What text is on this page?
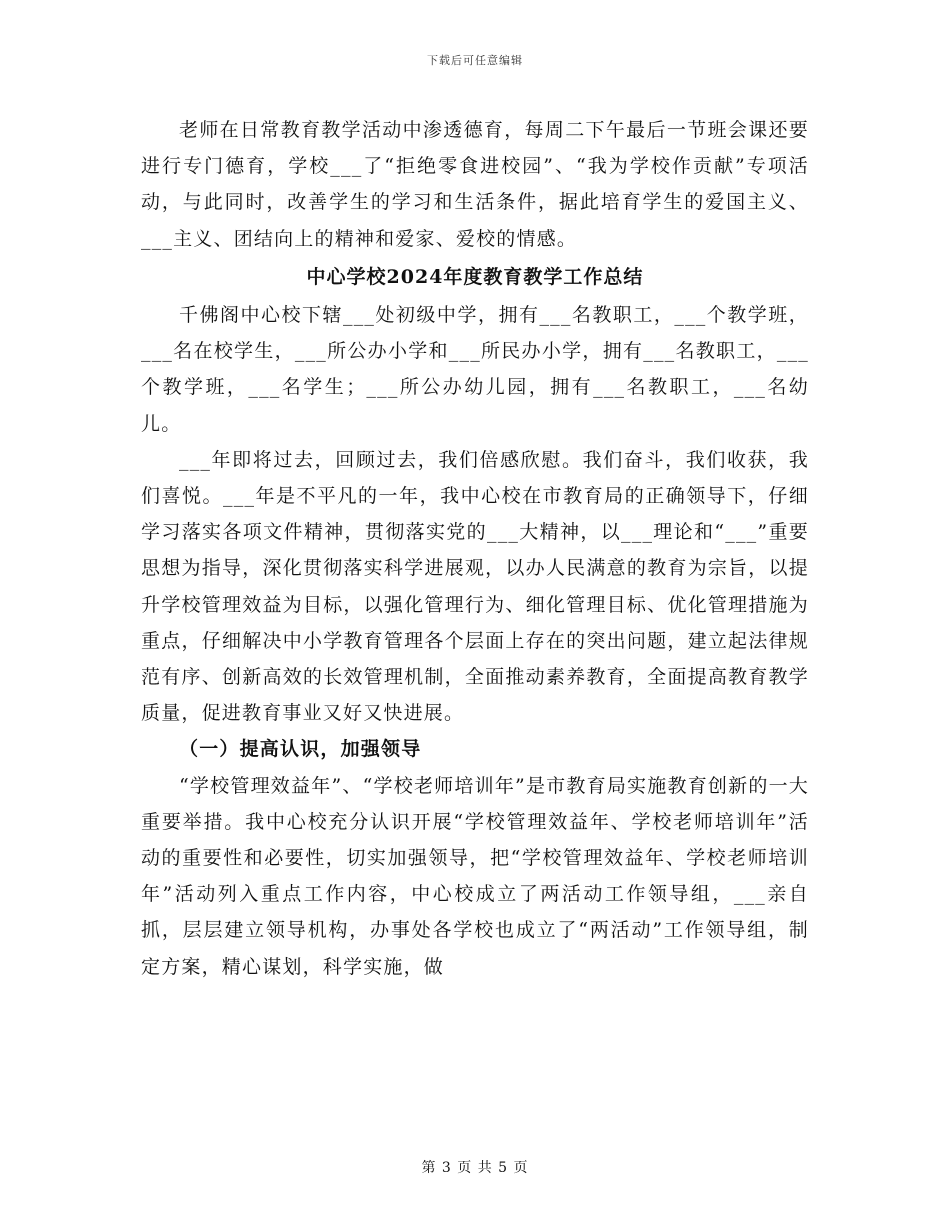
下载后可任意编辑

老师在日常教育教学活动中渗透德育，每周二下午最后一节班会课还要进行专门德育，学校___了“拒绝零食进校园”、“我为学校作贡献”专项活动，与此同时，改善学生的学习和生活条件，据此培育学生的爱国主义、___主义、团结向上的精神和爱家、爱校的情感。

中心学校2024年度教育教学工作总结

千佛阁中心校下辖___处初级中学，拥有___名教职工，___个教学班，___名在校学生，___所公办小学和___所民办小学，拥有___名教职工，___个教学班，___名学生；___所公办幼儿园，拥有___名教职工，___名幼儿。

___年即将过去，回顾过去，我们倍感欣慰。我们奋斗，我们收获，我们喜悦。___年是不平凡的一年，我中心校在市教育局的正确领导下，仔细学习落实各项文件精神，贯彻落实党的___大精神，以___理论和“___”重要思想为指导，深化贯彻落实科学进展观，以办人民满意的教育为宗旨，以提升学校管理效益为目标，以强化管理行为、细化管理目标、优化管理措施为重点，仔细解决中小学教育管理各个层面上存在的突出问题，建立起法律规范有序、创新高效的长效管理机制，全面推动素养教育，全面提高教育教学质量，促进教育事业又好又快进展。

（一）提高认识，加强领导

“学校管理效益年”、“学校老师培训年”是市教育局实施教育创新的一大重要举措。我中心校充分认识开展“学校管理效益年、学校老师培训年”活动的重要性和必要性，切实加强领导，把“学校管理效益年、学校老师培训年”活动列入重点工作内容，中心校成立了两活动工作领导组，___亲自抓，层层建立领导机构，办事处各学校也成立了“两活动”工作领导组，制定方案，精心谋划，科学实施，做

第 3 页 共 5 页
